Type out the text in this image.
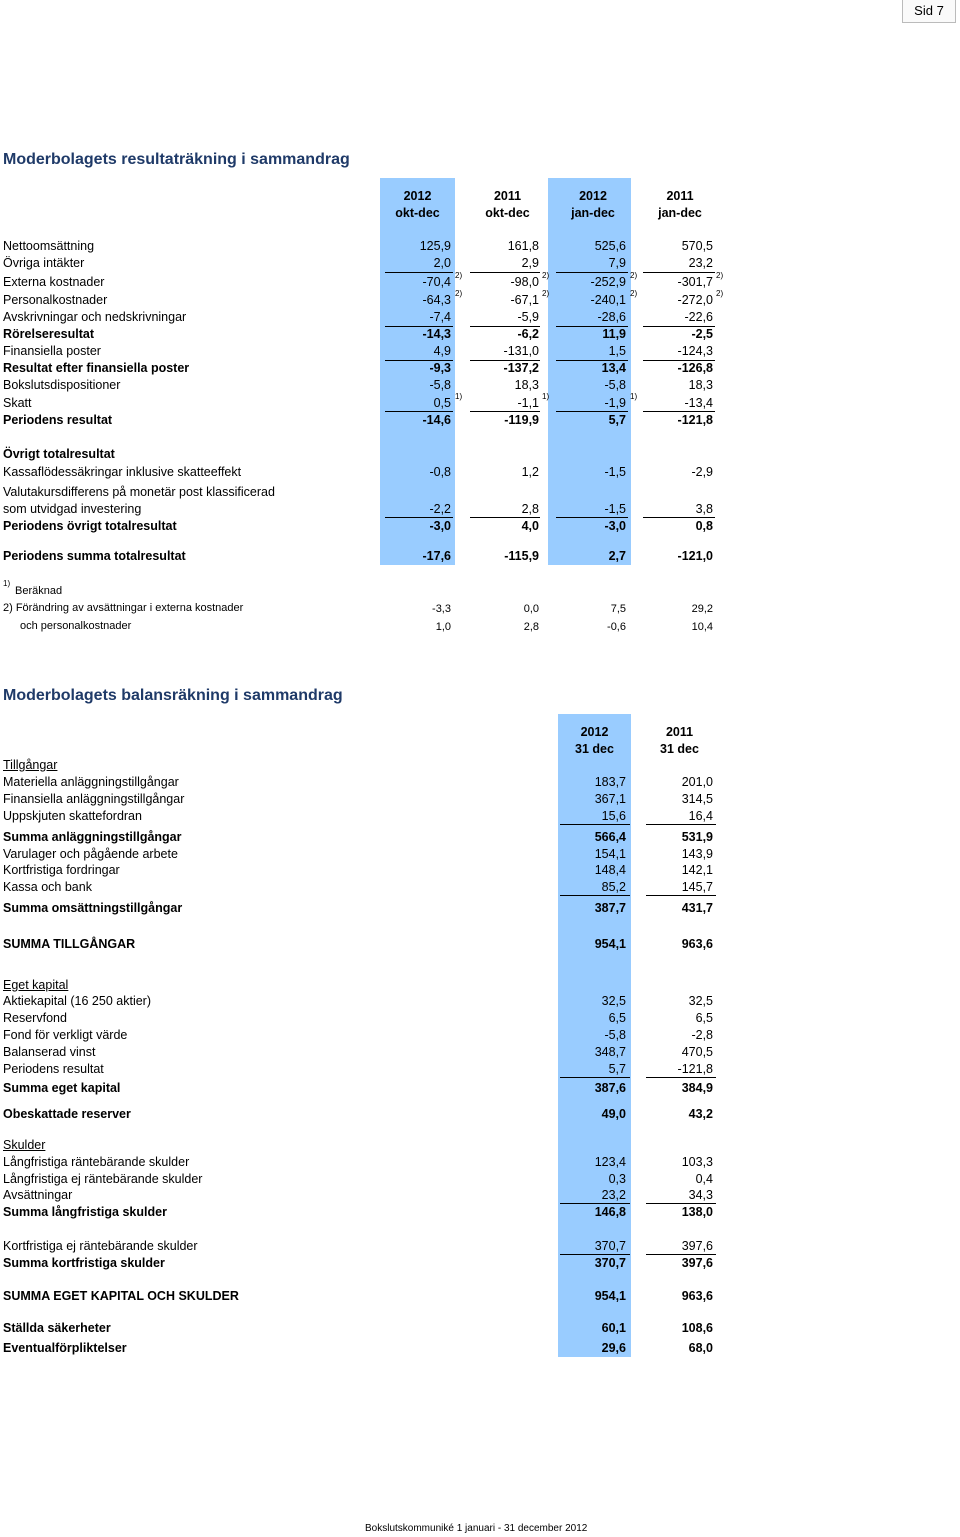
Sid 7
Moderbolagets resultaträkning i sammandrag
2012
okt-dec
2011
okt-dec
2012
jan-dec
2011
jan-dec
Nettoomsättning	125,9	161,8	525,6	570,5
Övriga intäkter	2,0	2,9	7,9	23,2
Externa kostnader	-70,4 2)	-98,0 2)	-252,9 2)	-301,7 2)
Personalkostnader	-64,3 2)	-67,1 2)	-240,1 2)	-272,0 2)
Avskrivningar och nedskrivningar	-7,4	-5,9	-28,6	-22,6
Rörelseresultat	-14,3	-6,2	11,9	-2,5
Finansiella poster	4,9	-131,0	1,5	-124,3
Resultat efter finansiella poster	-9,3	-137,2	13,4	-126,8
Bokslutsdispositioner	-5,8	18,3	-5,8	18,3
Skatt	0,5 1)	-1,1 1)	-1,9 1)	-13,4
Periodens resultat	-14,6	-119,9	5,7	-121,8
Övrigt totalresultat
Kassaflödessäkringar inklusive skatteeffekt	-0,8	1,2	-1,5	-2,9
Valutakursdifferens på monetär post klassificerad
som utvidgad investering	-2,2	2,8	-1,5	3,8
Periodens övrigt totalresultat	-3,0	4,0	-3,0	0,8
Periodens summa totalresultat	-17,6	-115,9	2,7	-121,0
1)
Beräknad
2) Förändring av avsättningar i externa kostnader	-3,3	0,0	7,5	29,2
och personalkostnader	1,0	2,8	-0,6	10,4
Moderbolagets balansräkning i sammandrag
2012
31 dec
2011
31 dec
Tillgångar
Materiella anläggningstillgångar	183,7	201,0
Finansiella anläggningstillgångar	367,1	314,5
Uppskjuten skattefordran	15,6	16,4
Summa anläggningstillgångar	566,4	531,9
Varulager och pågående arbete	154,1	143,9
Kortfristiga fordringar	148,4	142,1
Kassa och bank	85,2	145,7
Summa omsättningstillgångar	387,7	431,7
SUMMA TILLGÅNGAR	954,1	963,6
Eget kapital
Aktiekapital (16 250 aktier)	32,5	32,5
Reservfond	6,5	6,5
Fond för verkligt värde	-5,8	-2,8
Balanserad vinst	348,7	470,5
Periodens resultat	5,7	-121,8
Summa eget kapital	387,6	384,9
Obeskattade reserver	49,0	43,2
Skulder
Långfristiga räntebärande skulder	123,4	103,3
Långfristiga ej räntebärande skulder	0,3	0,4
Avsättningar	23,2	34,3
Summa långfristiga skulder	146,8	138,0
Kortfristiga ej räntebärande skulder	370,7	397,6
Summa kortfristiga skulder	370,7	397,6
SUMMA EGET KAPITAL OCH SKULDER	954,1	963,6
Ställda säkerheter	60,1	108,6
Eventualförpliktelser	29,6	68,0
Bokslutskommuniké 1 januari - 31 december 2012
